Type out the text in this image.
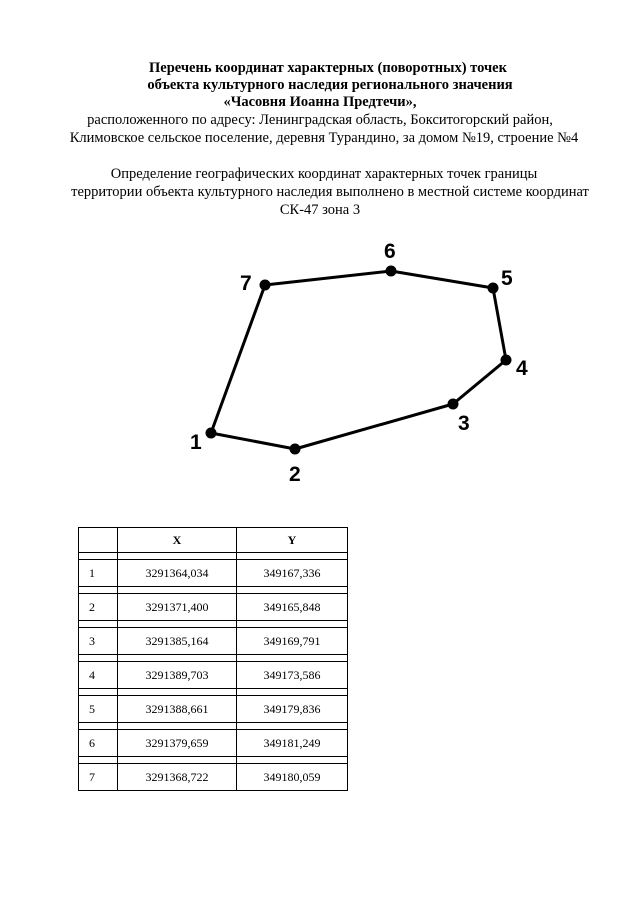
Перечень координат характерных (поворотных) точек
объекта культурного наследия регионального значения
«Часовня Иоанна Предтечи»,
расположенного по адресу: Ленинградская область, Бокситогорский район,
Климовское сельское поселение, деревня Турандино, за домом №19, строение №4
Определение географических координат характерных точек границы
территории объекта культурного наследия выполнено в местной системе координат
СК-47 зона 3
1
2
3
4
5
6
7
	X	Y

1	3291364,034	349167,336

2	3291371,400	349165,848

3	3291385,164	349169,791

4	3291389,703	349173,586

5	3291388,661	349179,836

6	3291379,659	349181,249

7	3291368,722	349180,059
